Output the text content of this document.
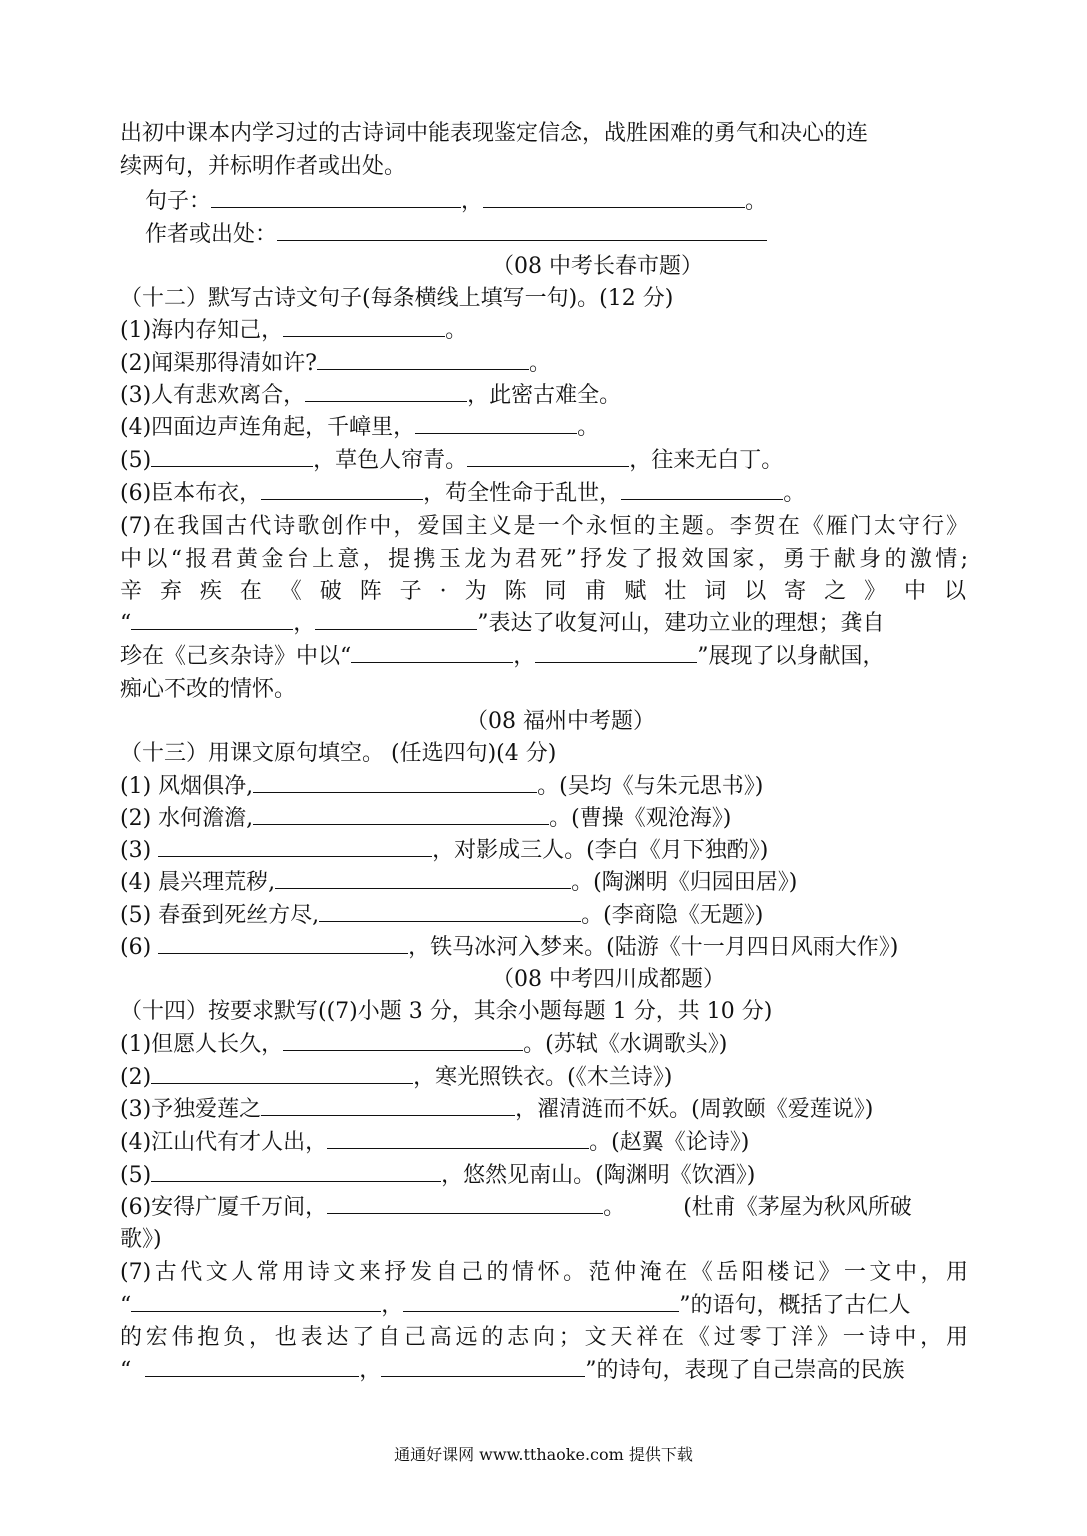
出初中课本内学习过的古诗词中能表现鉴定信念，战胜困难的勇气和决心的连
续两句，并标明作者或出处。
句子：	，	。
作者或出处：
（08 中考长春市题）
（十二）默写古诗文句子(每条横线上填写一句)。(12 分)
(1)海内存知己，	。
(2)闻渠那得清如许?	。
(3)人有悲欢离合，	，此密古难全。
(4)四面边声连角起，千嶂里，	。
(5)	，草色人帘青。	，往来无白丁。
(6)臣本布衣，	，苟全性命于乱世，	。
(7)在我国古代诗歌创作中，爱国主义是一个永恒的主题。李贺在《雁门太守行》
中以“报君黄金台上意，提携玉龙为君死”抒发了报效国家，勇于献身的激情;
辛弃疾在《破阵子·为陈同甫赋壮词以寄之》中以
“	，	”表达了收复河山，建功立业的理想；龚自
珍在《己亥杂诗》中以“	，	”展现了以身献国，
痴心不改的情怀。
（08 福州中考题）
（十三）用课文原句填空。 (任选四句)(4 分)
(1) 风烟俱净,	。(吴均《与朱元思书》)
(2) 水何澹澹,	。(曹操《观沧海》)
(3)	，对影成三人。(李白《月下独酌》)
(4) 晨兴理荒秽,	。(陶渊明《归园田居》)
(5) 春蚕到死丝方尽,	。(李商隐《无题》)
(6)	，铁马冰河入梦来。(陆游《十一月四日风雨大作》)
（08 中考四川成都题）
（十四）按要求默写((7)小题 3 分，其余小题每题 1 分，共 10 分)
(1)但愿人长久，	。(苏轼《水调歌头》)
(2)	，寒光照铁衣。(《木兰诗》)
(3)予独爱莲之	，濯清涟而不妖。(周敦颐《爱莲说》)
(4)江山代有才人出，	。(赵翼《论诗》)
(5)	，悠然见南山。(陶渊明《饮酒》)
(6)安得广厦千万间，	。	(杜甫《茅屋为秋风所破
歌》)
(7)古代文人常用诗文来抒发自己的情怀。范仲淹在《岳阳楼记》一文中，用
“	，	”的语句，概括了古仁人
的宏伟抱负，也表达了自己高远的志向；文天祥在《过零丁洋》一诗中，用
“	，	”的诗句，表现了自己崇高的民族
通通好课网 www.tthaoke.com 提供下载
